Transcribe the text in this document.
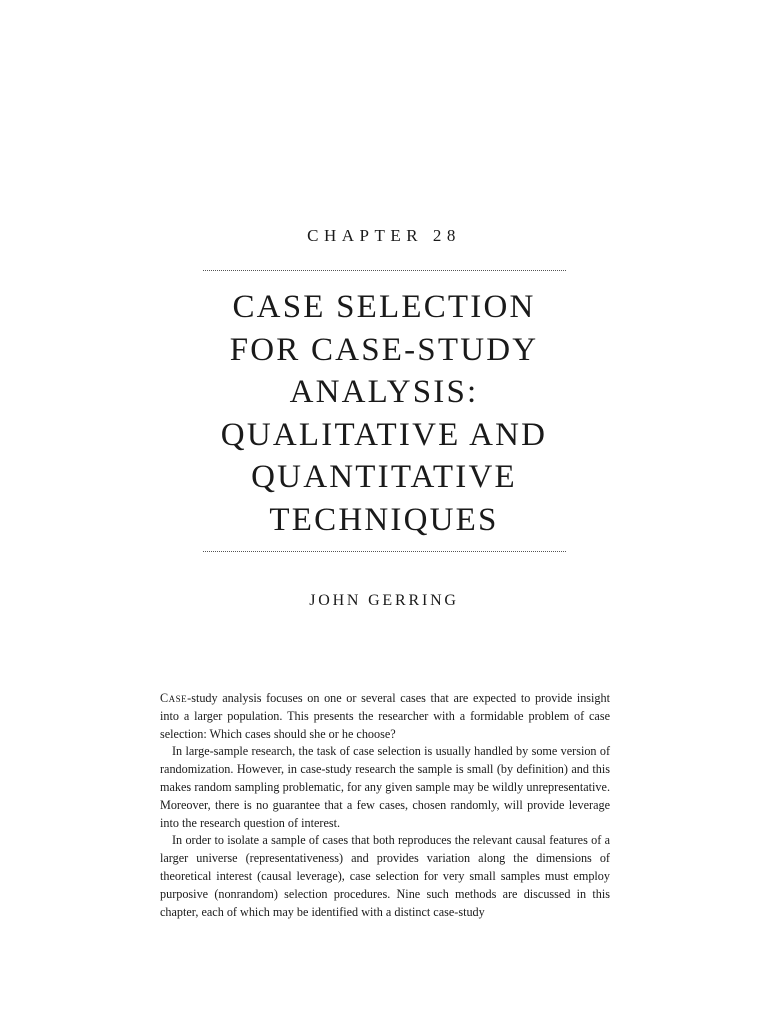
CHAPTER 28
CASE SELECTION
FOR CASE-STUDY
ANALYSIS:
QUALITATIVE AND
QUANTITATIVE
TECHNIQUES
JOHN GERRING

Case-study analysis focuses on one or several cases that are expected to provide insight into a larger population. This presents the researcher with a formidable problem of case selection: Which cases should she or he choose?

In large-sample research, the task of case selection is usually handled by some version of randomization. However, in case-study research the sample is small (by definition) and this makes random sampling problematic, for any given sample may be wildly unrepresentative. Moreover, there is no guarantee that a few cases, chosen randomly, will provide leverage into the research question of interest.

In order to isolate a sample of cases that both reproduces the relevant causal features of a larger universe (representativeness) and provides variation along the dimensions of theoretical interest (causal leverage), case selection for very small samples must employ purposive (nonrandom) selection procedures. Nine such methods are discussed in this chapter, each of which may be identified with a distinct case-study
